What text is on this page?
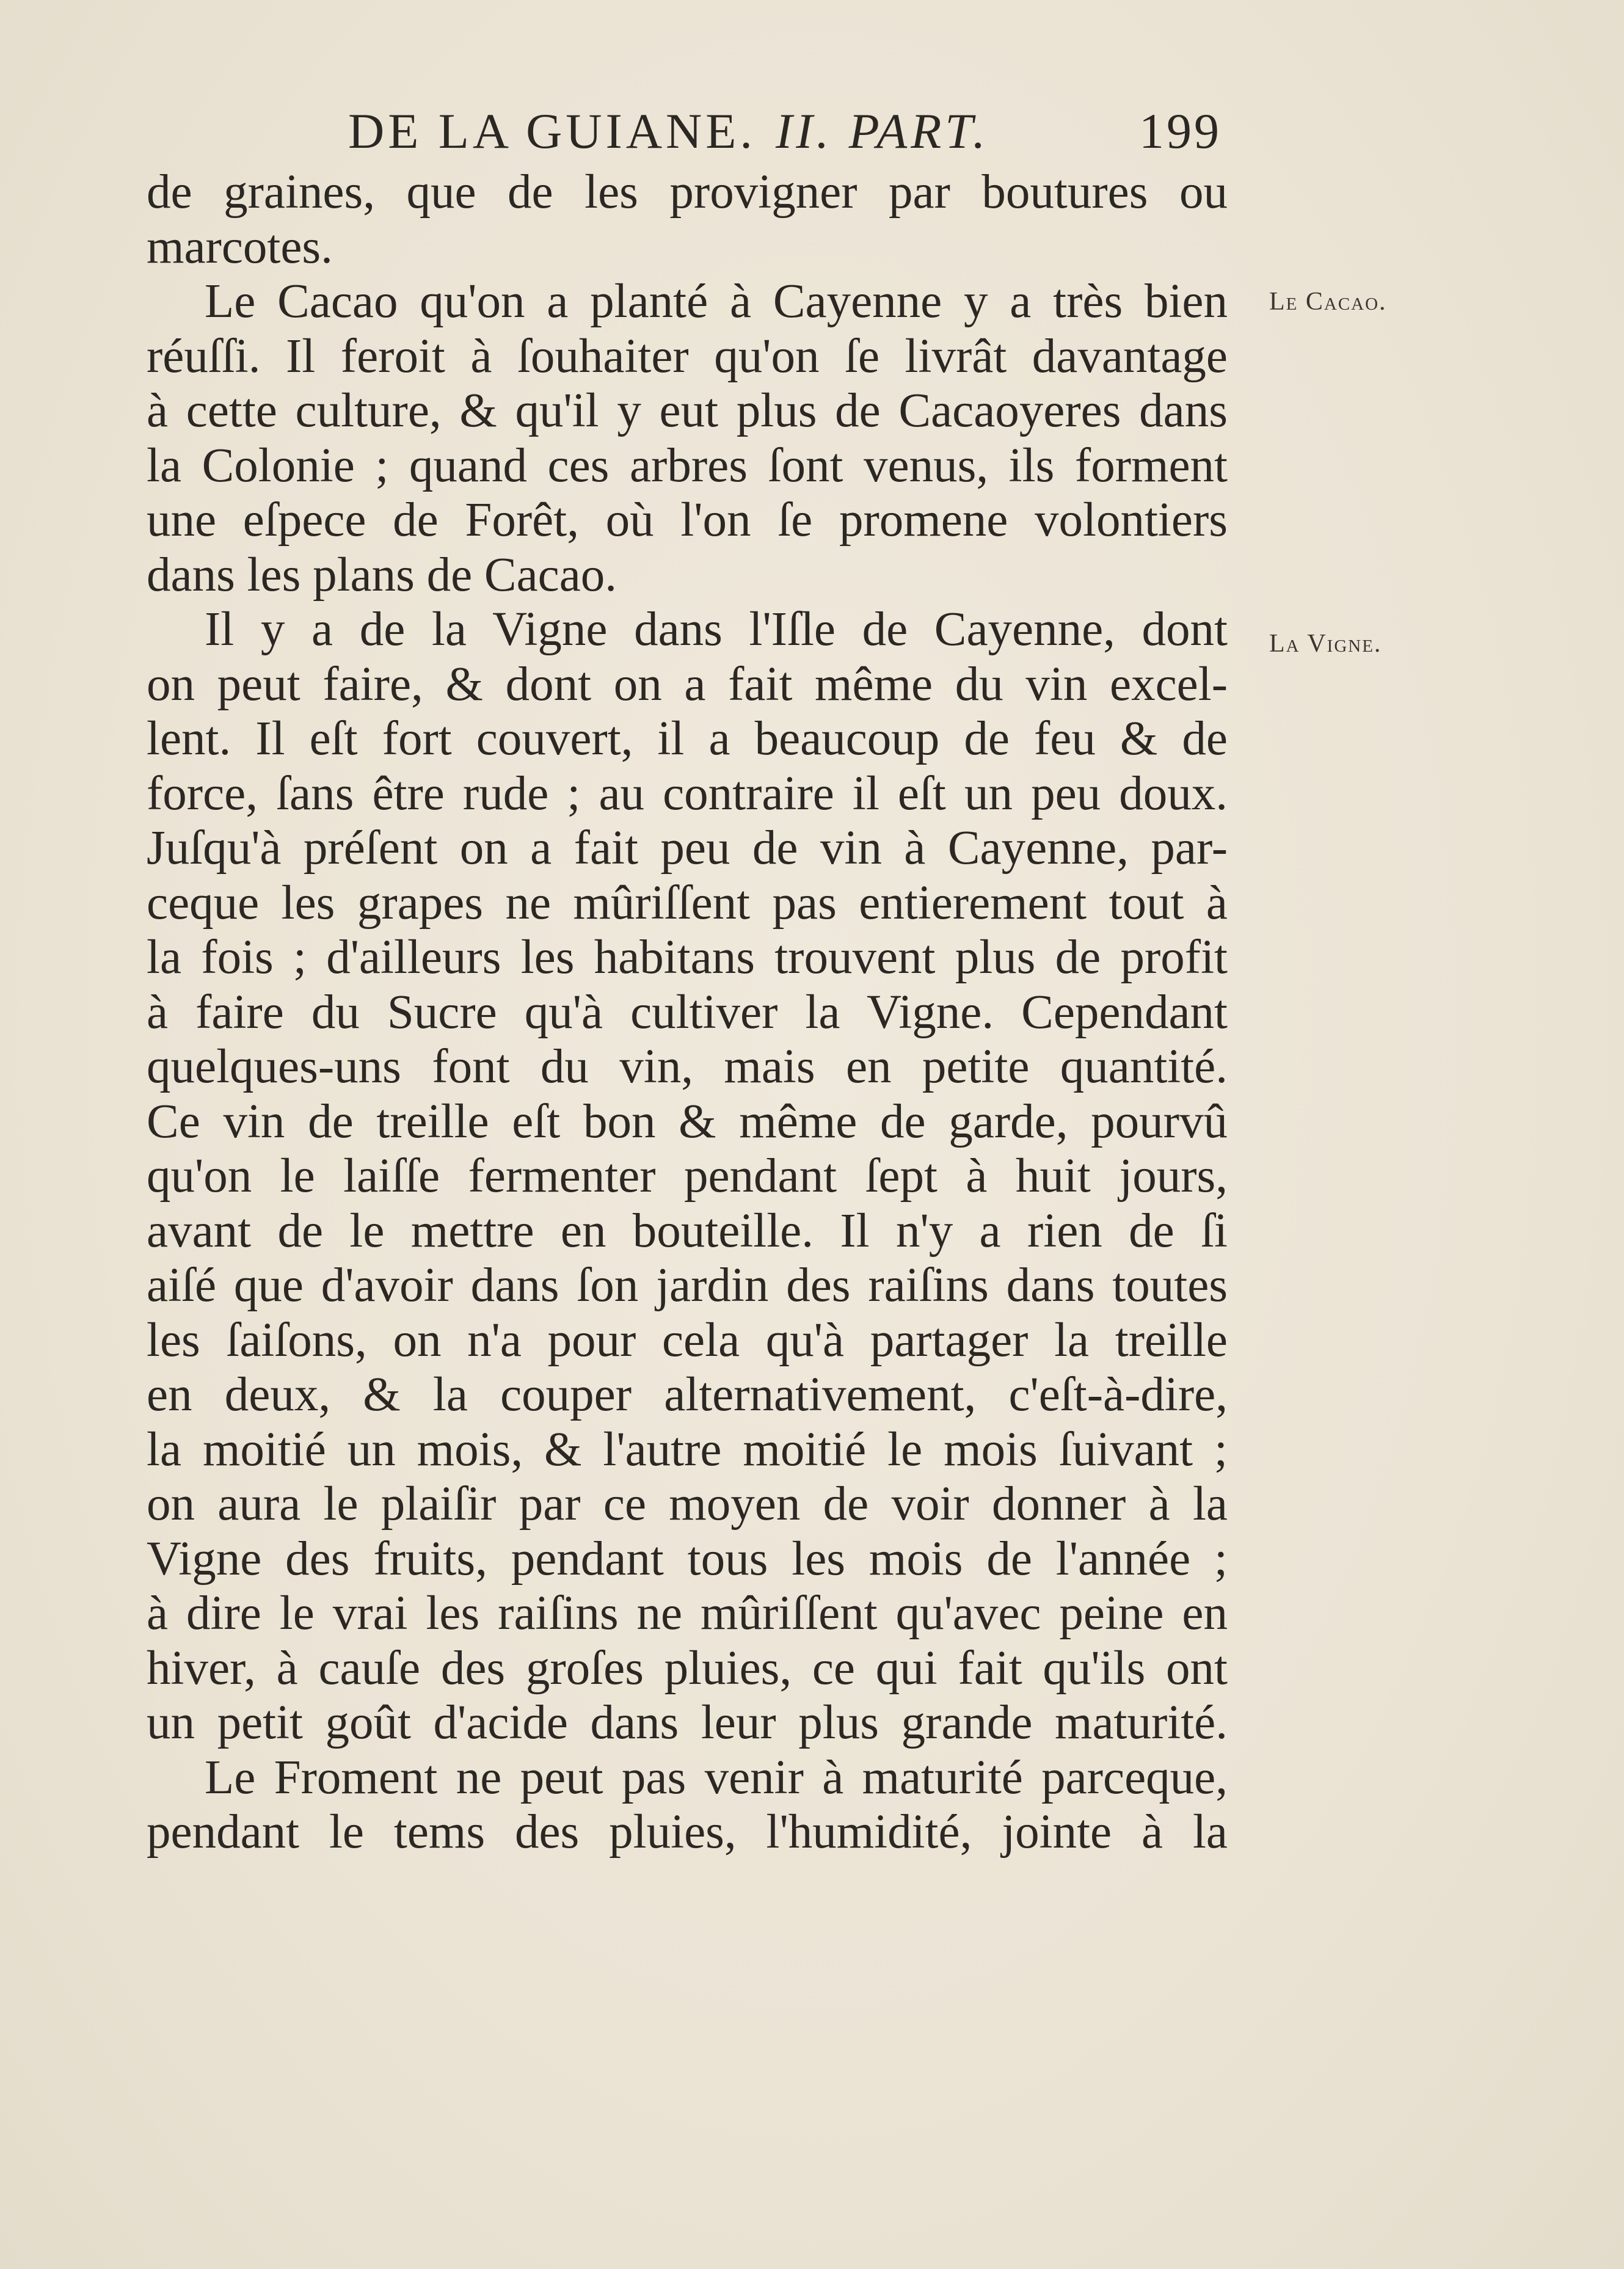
DE LA GUIANE. II. PART.	199
Le Cacao.
La Vigne.
de graines, que de les provigner par boutures ou
marcotes.
Le Cacao qu'on a planté à Cayenne y a très bien
réuſſi. Il feroit à ſouhaiter qu'on ſe livrât davantage
à cette culture, & qu'il y eut plus de Cacaoyeres dans
la Colonie ; quand ces arbres ſont venus, ils forment
une eſpece de Forêt, où l'on ſe promene volontiers
dans les plans de Cacao.
Il y a de la Vigne dans l'Iſle de Cayenne, dont
on peut faire, & dont on a fait même du vin excel-
lent. Il eſt fort couvert, il a beaucoup de feu & de
force, ſans être rude ; au contraire il eſt un peu doux.
Juſqu'à préſent on a fait peu de vin à Cayenne, par-
ceque les grapes ne mûriſſent pas entierement tout à
la fois ; d'ailleurs les habitans trouvent plus de profit
à faire du Sucre qu'à cultiver la Vigne. Cependant
quelques-uns font du vin, mais en petite quantité.
Ce vin de treille eſt bon & même de garde, pourvû
qu'on le laiſſe fermenter pendant ſept à huit jours,
avant de le mettre en bouteille. Il n'y a rien de ſi
aiſé que d'avoir dans ſon jardin des raiſins dans toutes
les ſaiſons, on n'a pour cela qu'à partager la treille
en deux, & la couper alternativement, c'eſt-à-dire,
la moitié un mois, & l'autre moitié le mois ſuivant ;
on aura le plaiſir par ce moyen de voir donner à la
Vigne des fruits, pendant tous les mois de l'année ;
à dire le vrai les raiſins ne mûriſſent qu'avec peine en
hiver, à cauſe des groſes pluies, ce qui fait qu'ils ont
un petit goût d'acide dans leur plus grande maturité.
Le Froment ne peut pas venir à maturité parceque,
pendant le tems des pluies, l'humidité, jointe à la
